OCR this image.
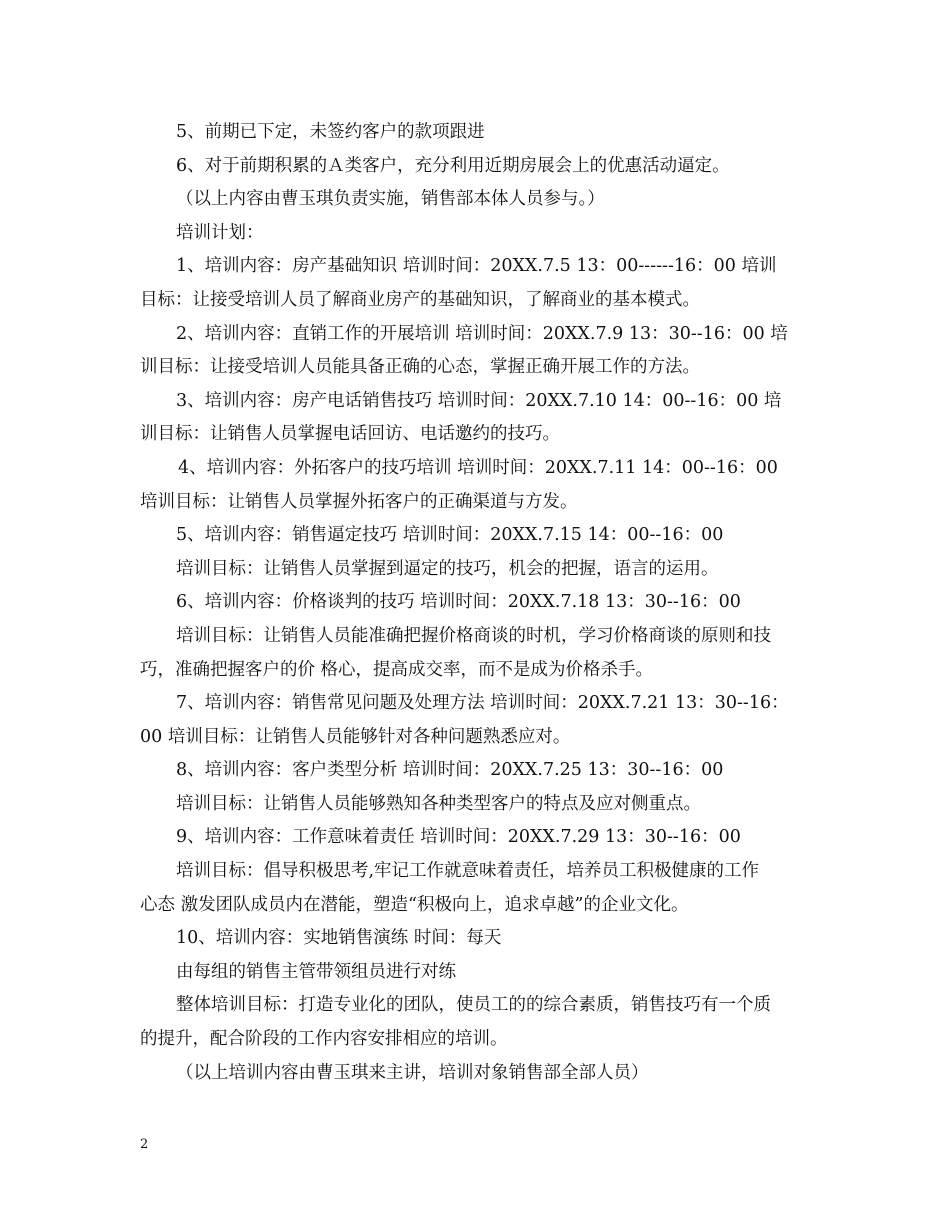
5、前期已下定，未签约客户的款项跟进

6、对于前期积累的Ａ类客户，充分利用近期房展会上的优惠活动逼定。

（以上内容由曹玉琪负责实施，销售部本体人员参与。）

培训计划：

1、培训内容：房产基础知识 培训时间：20XX.7.5 13：00------16：00 培训

目标：让接受培训人员了解商业房产的基础知识，了解商业的基本模式。

2、培训内容：直销工作的开展培训 培训时间：20XX.7.9 13：30--16：00 培

训目标：让接受培训人员能具备正确的心态，掌握正确开展工作的方法。

3、培训内容：房产电话销售技巧 培训时间：20XX.7.10 14：00--16：00 培

训目标：让销售人员掌握电话回访、电话邀约的技巧。

4、培训内容：外拓客户的技巧培训 培训时间：20XX.7.11 14：00--16：00

培训目标：让销售人员掌握外拓客户的正确渠道与方发。

5、培训内容：销售逼定技巧 培训时间：20XX.7.15 14：00--16：00

培训目标：让销售人员掌握到逼定的技巧，机会的把握，语言的运用。

6、培训内容：价格谈判的技巧 培训时间：20XX.7.18 13：30--16：00

培训目标：让销售人员能准确把握价格商谈的时机，学习价格商谈的原则和技

巧，准确把握客户的价 格心，提高成交率，而不是成为价格杀手。

7、培训内容：销售常见问题及处理方法 培训时间：20XX.7.21 13：30--16：

00 培训目标：让销售人员能够针对各种问题熟悉应对。

8、培训内容：客户类型分析 培训时间：20XX.7.25 13：30--16：00

培训目标：让销售人员能够熟知各种类型客户的特点及应对侧重点。

9、培训内容：工作意味着责任 培训时间：20XX.7.29 13：30--16：00

培训目标：倡导积极思考,牢记工作就意味着责任，培养员工积极健康的工作

心态 激发团队成员内在潜能，塑造“积极向上，追求卓越”的企业文化。

10、培训内容：实地销售演练 时间：每天

由每组的销售主管带领组员进行对练

整体培训目标：打造专业化的团队，使员工的的综合素质，销售技巧有一个质

的提升，配合阶段的工作内容安排相应的培训。

（以上培训内容由曹玉琪来主讲，培训对象销售部全部人员）

2
